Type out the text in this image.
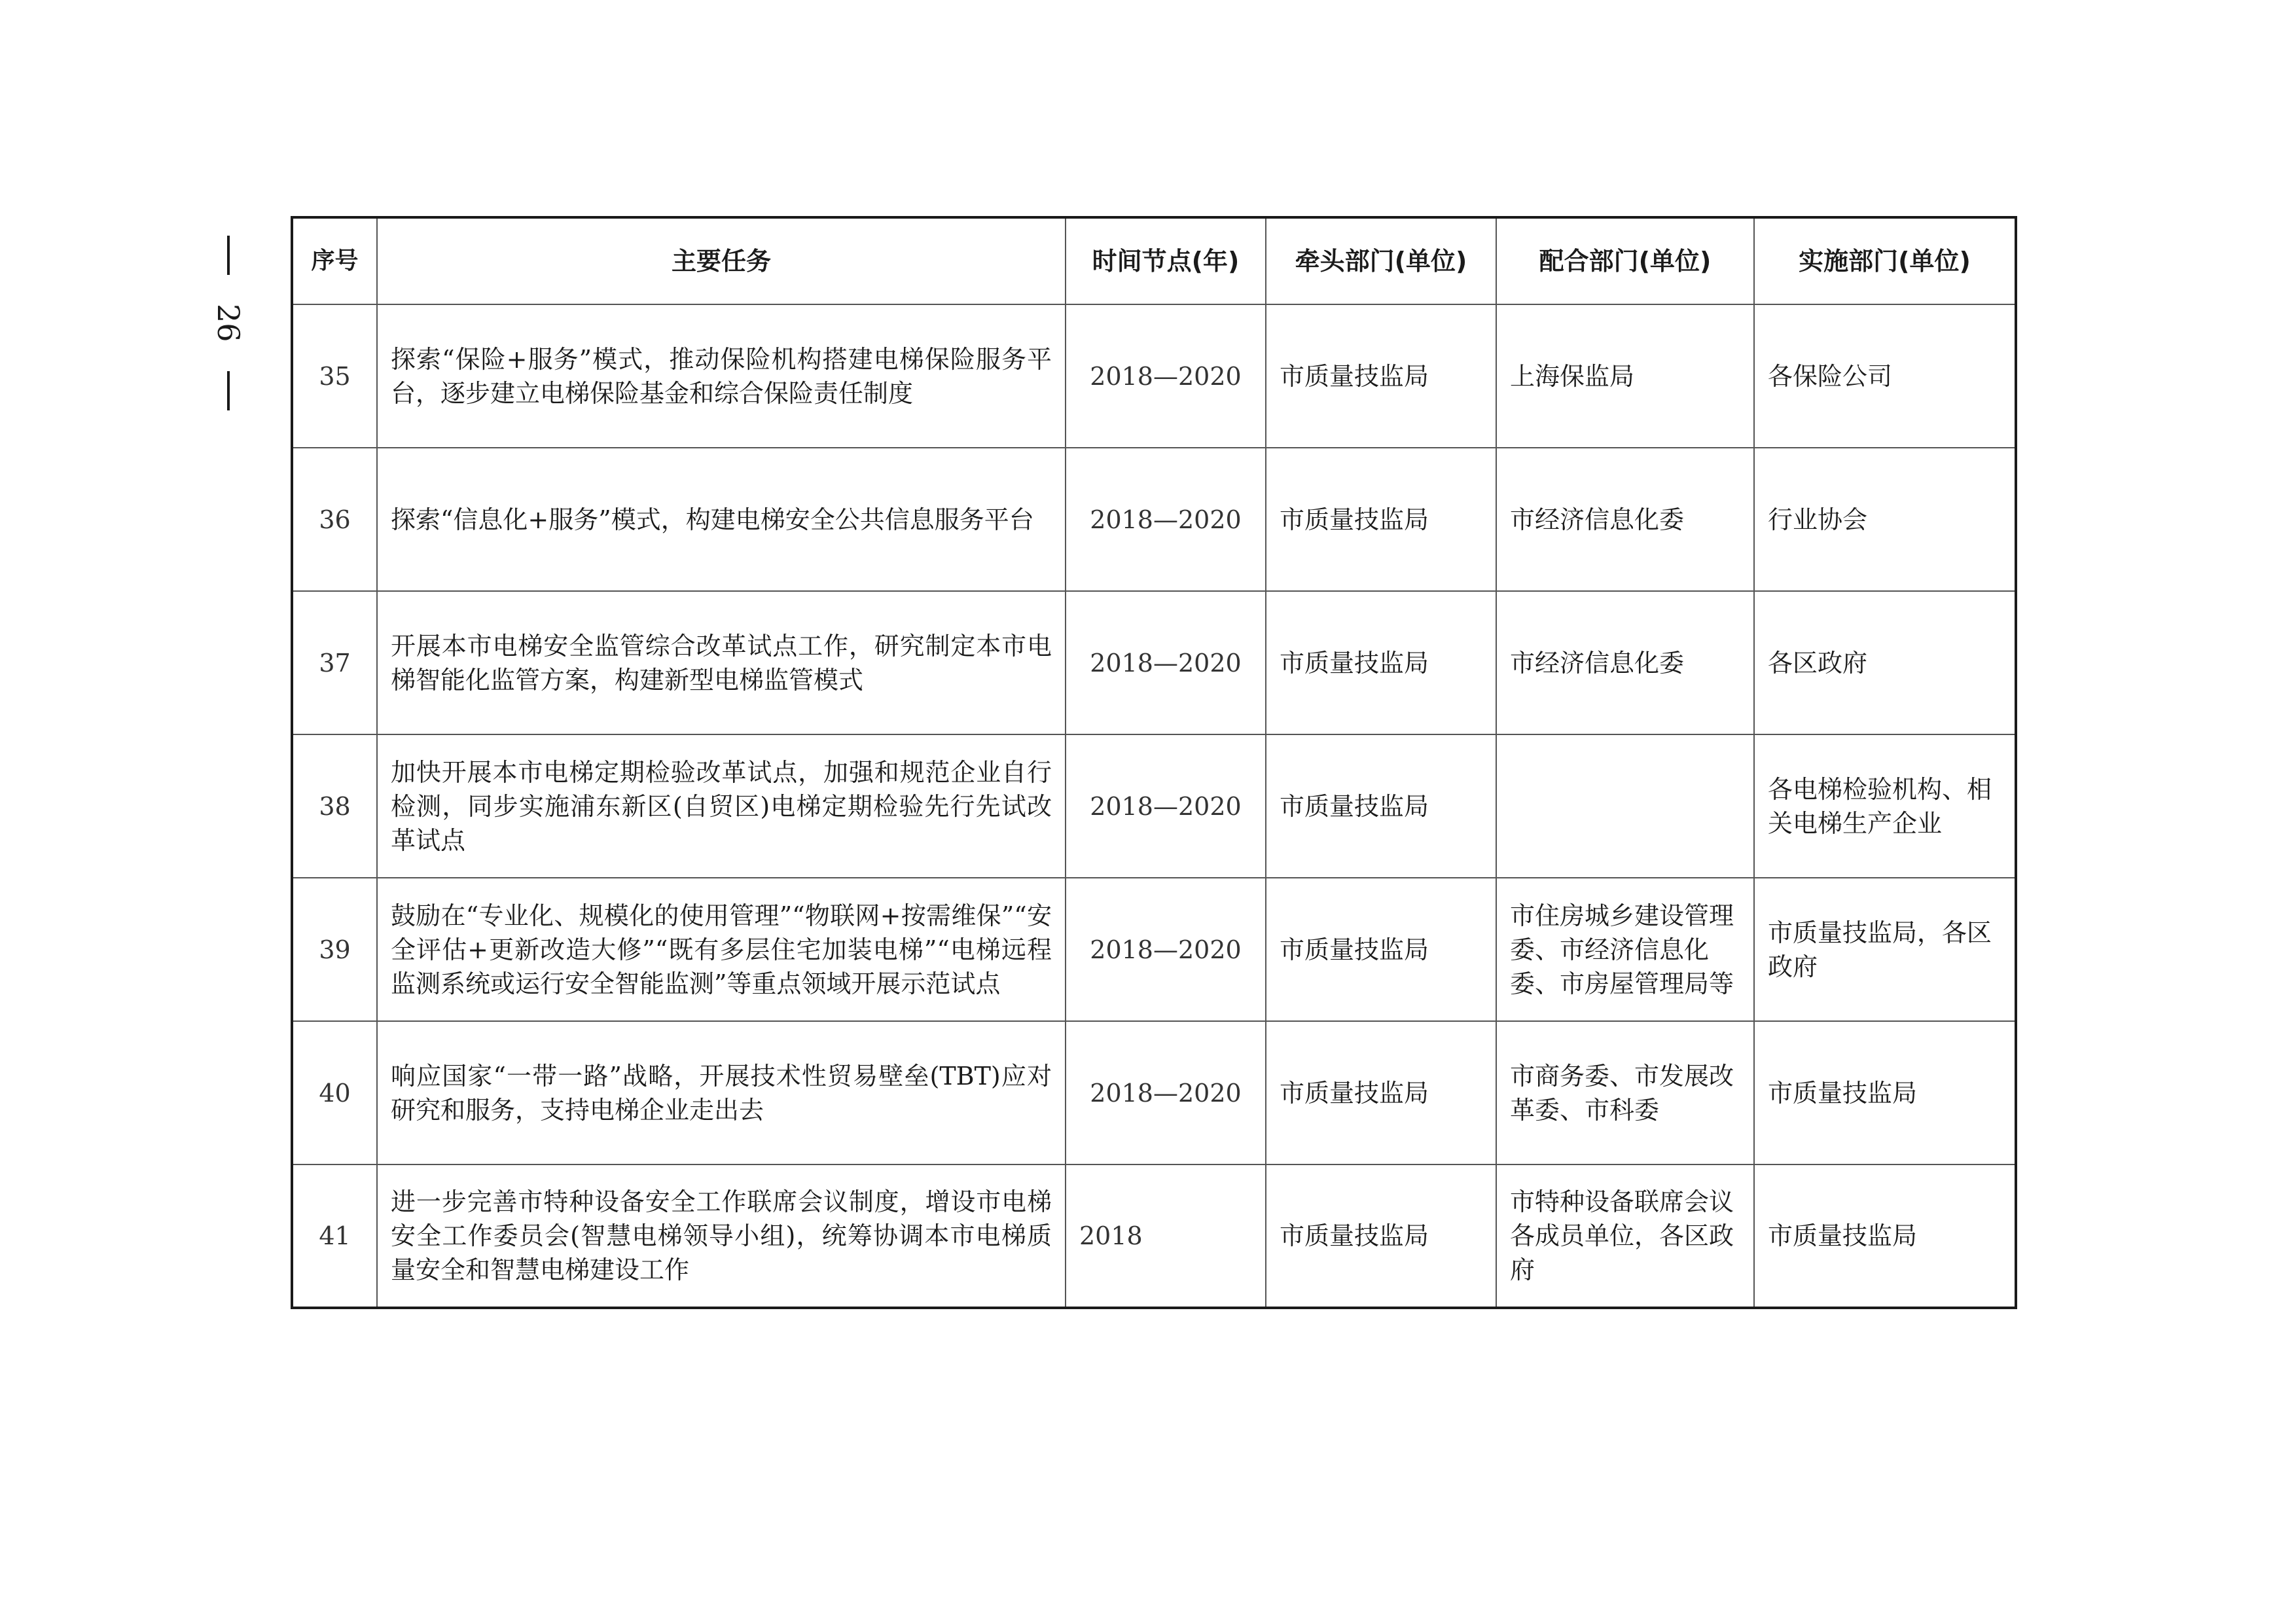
26
序号	主要任务	时间节点(年)	牵头部门(单位)	配合部门(单位)	实施部门(单位)
35	探索“保险+服务”模式，推动保险机构搭建电梯保险服务平台，逐步建立电梯保险基金和综合保险责任制度	2018—2020	市质量技监局	上海保监局	各保险公司
36	探索“信息化+服务”模式，构建电梯安全公共信息服务平台	2018—2020	市质量技监局	市经济信息化委	行业协会
37	开展本市电梯安全监管综合改革试点工作，研究制定本市电梯智能化监管方案，构建新型电梯监管模式	2018—2020	市质量技监局	市经济信息化委	各区政府
38	加快开展本市电梯定期检验改革试点，加强和规范企业自行检测，同步实施浦东新区(自贸区)电梯定期检验先行先试改革试点	2018—2020	市质量技监局		各电梯检验机构、相关电梯生产企业
39	鼓励在“专业化、规模化的使用管理”“物联网+按需维保”“安全评估+更新改造大修”“既有多层住宅加装电梯”“电梯远程监测系统或运行安全智能监测”等重点领域开展示范试点	2018—2020	市质量技监局	市住房城乡建设管理委、市经济信息化委、市房屋管理局等	市质量技监局，各区政府
40	响应国家“一带一路”战略，开展技术性贸易壁垒(TBT)应对研究和服务，支持电梯企业走出去	2018—2020	市质量技监局	市商务委、市发展改革委、市科委	市质量技监局
41	进一步完善市特种设备安全工作联席会议制度，增设市电梯安全工作委员会(智慧电梯领导小组)，统筹协调本市电梯质量安全和智慧电梯建设工作	2018	市质量技监局	市特种设备联席会议各成员单位，各区政府	市质量技监局
